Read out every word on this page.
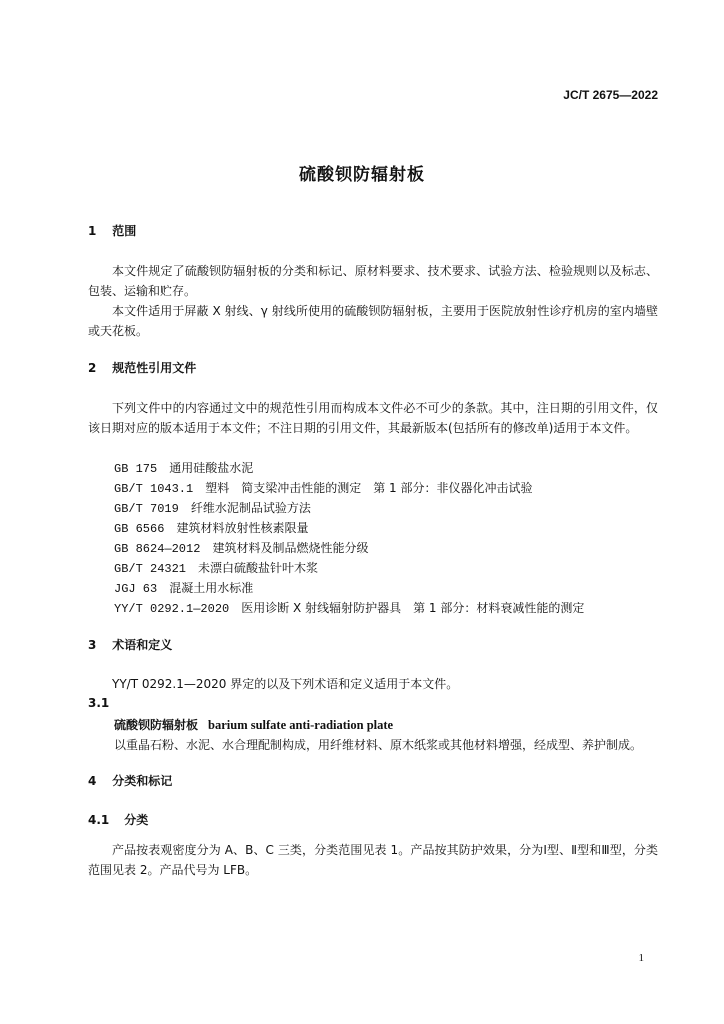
JC/T 2675—2022
硫酸钡防辐射板
1 范围
本文件规定了硫酸钡防辐射板的分类和标记、原材料要求、技术要求、试验方法、检验规则以及标志、包装、运输和贮存。
本文件适用于屏蔽 X 射线、γ 射线所使用的硫酸钡防辐射板，主要用于医院放射性诊疗机房的室内墙壁或天花板。
2 规范性引用文件
下列文件中的内容通过文中的规范性引用而构成本文件必不可少的条款。其中，注日期的引用文件，仅该日期对应的版本适用于本文件；不注日期的引用文件，其最新版本(包括所有的修改单)适用于本文件。
GB 175　 通用硅酸盐水泥
GB/T 1043.1　 塑料　简支梁冲击性能的测定　第 1 部分：非仪器化冲击试验
GB/T 7019　 纤维水泥制品试验方法
GB 6566　 建筑材料放射性核素限量
GB 8624—2012　 建筑材料及制品燃烧性能分级
GB/T 24321　 未漂白硫酸盐针叶木浆
JGJ 63　 混凝土用水标准
YY/T 0292.1—2020　 医用诊断 X 射线辐射防护器具　第 1 部分：材料衰减性能的测定
3 术语和定义
YY/T 0292.1—2020 界定的以及下列术语和定义适用于本文件。
3.1
硫酸钡防辐射板 barium sulfate anti-radiation plate
以重晶石粉、水泥、水合理配制构成，用纤维材料、原木纸浆或其他材料增强，经成型、养护制成。
4 分类和标记
4.1 分类
产品按表观密度分为 A、B、C 三类，分类范围见表 1。产品按其防护效果，分为Ⅰ型、Ⅱ型和Ⅲ型，分类范围见表 2。产品代号为 LFB。
1
